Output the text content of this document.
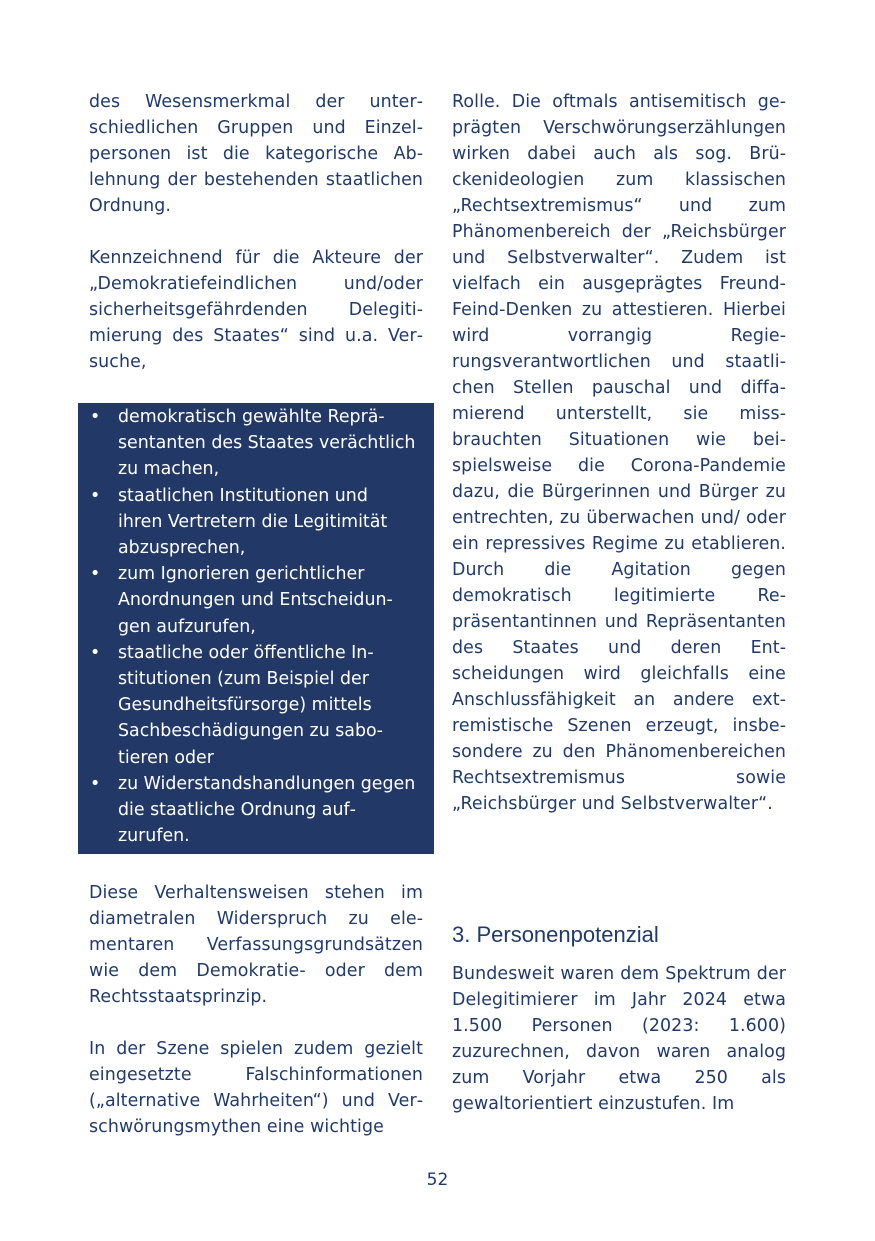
des Wesensmerkmal der unterschiedlichen Gruppen und Einzelpersonen ist die kategorische Ablehnung der bestehenden staatlichen Ordnung.

Kennzeichnend für die Akteure der „Demokratiefeindlichen und/oder sicherheitsgefährdenden Delegitimierung des Staates“ sind u.a. Versuche,

•	demokratisch gewählte Repräsentanten des Staates verächtlich zu machen,
•	staatlichen Institutionen und ihren Vertretern die Legitimität abzusprechen,
•	zum Ignorieren gerichtlicher Anordnungen und Entscheidungen aufzurufen,
•	staatliche oder öffentliche Institutionen (zum Beispiel der Gesundheitsfürsorge) mittels Sachbeschädigungen zu sabotieren oder
•	zu Widerstandshandlungen gegen die staatliche Ordnung aufzurufen.

Diese Verhaltensweisen stehen im diametralen Widerspruch zu elementaren Verfassungsgrundsätzen wie dem Demokratie- oder dem Rechtsstaatsprinzip.

In der Szene spielen zudem gezielt eingesetzte Falschinformationen („alternative Wahrheiten“) und Verschwörungsmythen eine wichtige

Rolle. Die oftmals antisemitisch geprägten Verschwörungserzählungen wirken dabei auch als sog. Brückenideologien zum klassischen „Rechtsextremismus“ und zum Phänomenbereich der „Reichsbürger und Selbstverwalter“. Zudem ist vielfach ein ausgeprägtes Freund-Feind-Denken zu attestieren. Hierbei wird vorrangig Regierungsverantwortlichen und staatlichen Stellen pauschal und diffamierend unterstellt, sie missbrauchten Situationen wie beispielsweise die Corona-Pandemie dazu, die Bürgerinnen und Bürger zu entrechten, zu überwachen und/ oder ein repressives Regime zu etablieren. Durch die Agitation gegen demokratisch legitimierte Repräsentantinnen und Repräsentanten des Staates und deren Entscheidungen wird gleichfalls eine Anschlussfähigkeit an andere extremistische Szenen erzeugt, insbesondere zu den Phänomenbereichen Rechtsextremismus sowie „Reichsbürger und Selbstverwalter“.

3. Personenpotenzial

Bundesweit waren dem Spektrum der Delegitimierer im Jahr 2024 etwa 1.500 Personen (2023: 1.600) zuzurechnen, davon waren analog zum Vorjahr etwa 250 als gewaltorientiert einzustufen. Im

52
